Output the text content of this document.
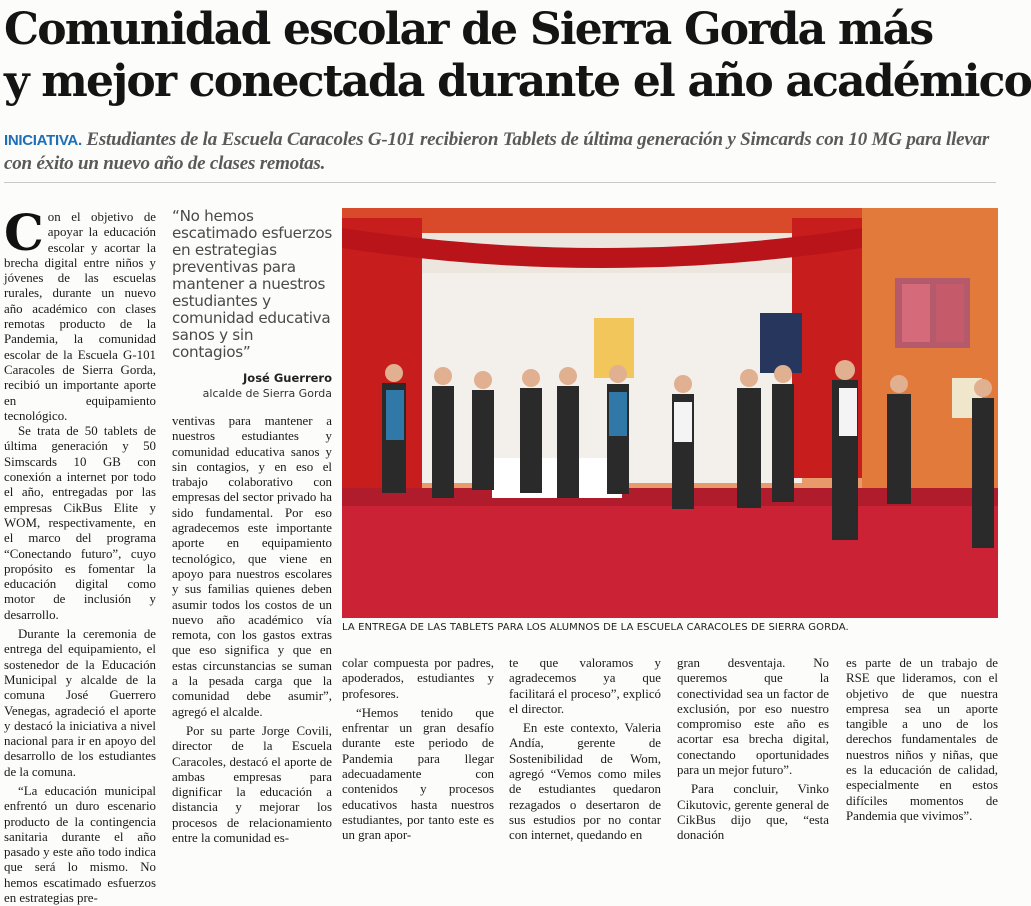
Comunidad escolar de Sierra Gorda más
y mejor conectada durante el año académico
INICIATIVA. Estudiantes de la Escuela Caracoles G-101 recibieron Tablets de última generación y Simcards con 10 MG para llevar con éxito un nuevo año de clases remotas.

Con el objetivo de apoyar la educación escolar y acortar la brecha digital entre niños y jóvenes de las escuelas rurales, durante un nuevo año académico con clases remotas producto de la Pandemia, la comunidad escolar de la Escuela G-101 Caracoles de Sierra Gorda, recibió un importante aporte en equipamiento tecnológico.

Se trata de 50 tablets de última generación y 50 Simscards 10 GB con conexión a internet por todo el año, entregadas por las empresas CikBus Elite y WOM, respectivamente, en el marco del programa “Conectando futuro”, cuyo propósito es fomentar la educación digital como motor de inclusión y desarrollo.

Durante la ceremonia de entrega del equipamiento, el sostenedor de la Educación Municipal y alcalde de la comuna José Guerrero Venegas, agradeció el aporte y destacó la iniciativa a nivel nacional para ir en apoyo del desarrollo de los estudiantes de la comuna.

“La educación municipal enfrentó un duro escenario producto de la contingencia sanitaria durante el año pasado y este año todo indica que será lo mismo. No hemos escatimado esfuerzos en estrategias pre-

“No hemos escatimado esfuerzos en estrategias preventivas para mantener a nuestros estudiantes y comunidad educativa sanos y sin contagios”
José Guerrero
alcalde de Sierra Gorda

ventivas para mantener a nuestros estudiantes y comunidad educativa sanos y sin contagios, y en eso el trabajo colaborativo con empresas del sector privado ha sido fundamental. Por eso agradecemos este importante aporte en equipamiento tecnológico, que viene en apoyo para nuestros escolares y sus familias quienes deben asumir todos los costos de un nuevo año académico vía remota, con los gastos extras que eso significa y que en estas circunstancias se suman a la pesada carga que la comunidad debe asumir”, agregó el alcalde.

Por su parte Jorge Covili, director de la Escuela Caracoles, destacó el aporte de ambas empresas para dignificar la educación a distancia y mejorar los procesos de relacionamiento entre la comunidad es-

LA ENTREGA DE LAS TABLETS PARA LOS ALUMNOS DE LA ESCUELA CARACOLES DE SIERRA GORDA.

colar compuesta por padres, apoderados, estudiantes y profesores.

“Hemos tenido que enfrentar un gran desafío durante este periodo de Pandemia para llegar adecuadamente con contenidos y procesos educativos hasta nuestros estudiantes, por tanto este es un gran apor-

te que valoramos y agradecemos ya que facilitará el proceso”, explicó el director.

En este contexto, Valeria Andía, gerente de Sostenibilidad de Wom, agregó “Vemos como miles de estudiantes quedaron rezagados o desertaron de sus estudios por no contar con internet, quedando en

gran desventaja. No queremos que la conectividad sea un factor de exclusión, por eso nuestro compromiso este año es acortar esa brecha digital, conectando oportunidades para un mejor futuro”.

Para concluir, Vinko Cikutovic, gerente general de CikBus dijo que, “esta donación

es parte de un trabajo de RSE que lideramos, con el objetivo de que nuestra empresa sea un aporte tangible a uno de los derechos fundamentales de nuestros niños y niñas, que es la educación de calidad, especialmente en estos difíciles momentos de Pandemia que vivimos”.
